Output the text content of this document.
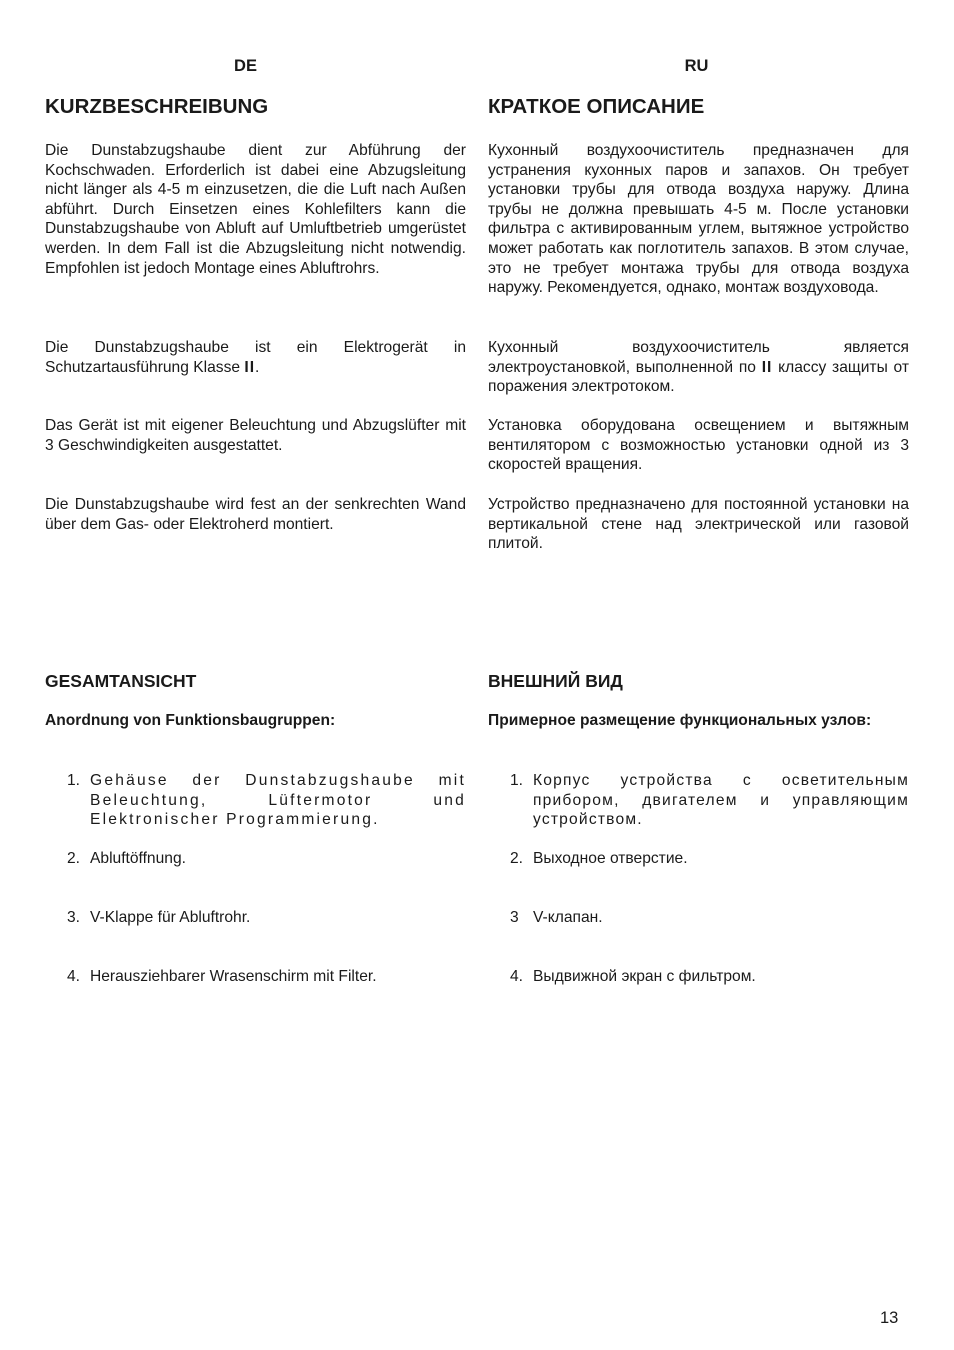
DE
KURZBESCHREIBUNG
Die Dunstabzugshaube dient zur Abführung der Kochschwaden. Erforderlich ist dabei eine Abzugsleitung nicht länger als 4-5 m einzusetzen, die die Luft nach Außen abführt. Durch Einsetzen eines Kohlefilters kann die Dunstabzugshaube von Abluft auf Umluftbetrieb umgerüstet werden. In dem Fall ist die Abzugsleitung nicht notwendig. Empfohlen ist jedoch Montage eines Abluftrohrs.
Die Dunstabzugshaube ist ein Elektrogerät in Schutzartausführung Klasse II.
Das Gerät ist mit eigener Beleuchtung und Abzugslüfter mit 3 Geschwindigkeiten ausgestattet.
Die Dunstabzugshaube wird fest an der senkrechten Wand über dem Gas- oder Elektroherd montiert.
GESAMTANSICHT
Anordnung von Funktionsbaugruppen:
1. Gehäuse der Dunstabzugshaube mit Beleuchtung, Lüftermotor und Elektronischer Programmierung.
2. Abluftöffnung.
3. V-Klappe für Abluftrohr.
4. Herausziehbarer Wrasenschirm mit Filter.
RU
КРАТКОЕ ОПИСАНИЕ
Кухонный воздухоочиститель предназначен для устранения кухонных паров и запахов. Он требует установки трубы для отвода воздуха наружу. Длина трубы не должна превышать 4-5 м. После установки фильтра с активированным углем, вытяжное устройство может работать как поглотитель запахов. В этом случае, это не требует монтажа трубы для отвода воздуха наружу. Рекомендуется, однако, монтаж воздуховода.
Кухонный воздухоочиститель является электроустановкой, выполненной по II классу защиты от поражения электротоком.
Установка оборудована освещением и вытяжным вентилятором с возможностью установки одной из 3 скоростей вращения.
Устройство предназначено для постоянной установки на вертикальной стене над электрической или газовой плитой.
ВНЕШНИЙ ВИД
Примерное размещение функциональных узлов:
1. Корпус устройства с осветительным прибором, двигателем и управляющим устройством.
2. Выходное отверстие.
3 V-клапан.
4. Выдвижной экран с фильтром.
13
